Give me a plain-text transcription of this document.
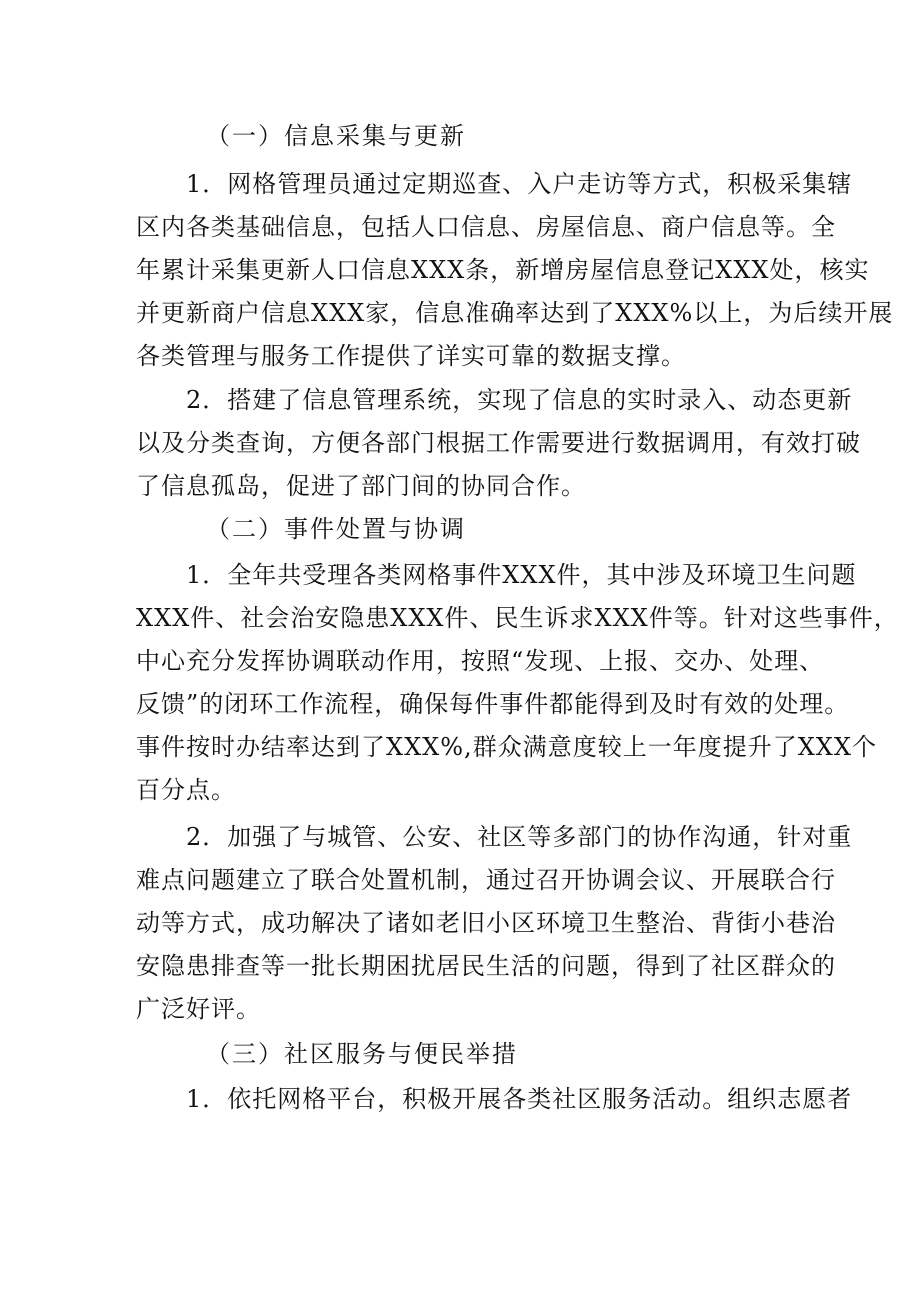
（一）信息采集与更新
1．网格管理员通过定期巡查、入户走访等方式，积极采集辖
区内各类基础信息，包括人口信息、房屋信息、商户信息等。全
年累计采集更新人口信息XXX条，新增房屋信息登记XXX处，核实
并更新商户信息XXX家，信息准确率达到了XXX%以上，为后续开展
各类管理与服务工作提供了详实可靠的数据支撑。
2．搭建了信息管理系统，实现了信息的实时录入、动态更新
以及分类查询，方便各部门根据工作需要进行数据调用，有效打破
了信息孤岛，促进了部门间的协同合作。
（二）事件处置与协调
1．全年共受理各类网格事件XXX件，其中涉及环境卫生问题
XXX件、社会治安隐患XXX件、民生诉求XXX件等。针对这些事件，
中心充分发挥协调联动作用，按照“发现、上报、交办、处理、
反馈”的闭环工作流程，确保每件事件都能得到及时有效的处理。
事件按时办结率达到了XXX%,群众满意度较上一年度提升了XXX个
百分点。
2．加强了与城管、公安、社区等多部门的协作沟通，针对重
难点问题建立了联合处置机制，通过召开协调会议、开展联合行
动等方式，成功解决了诸如老旧小区环境卫生整治、背街小巷治
安隐患排查等一批长期困扰居民生活的问题，得到了社区群众的
广泛好评。
（三）社区服务与便民举措
1．依托网格平台，积极开展各类社区服务活动。组织志愿者
